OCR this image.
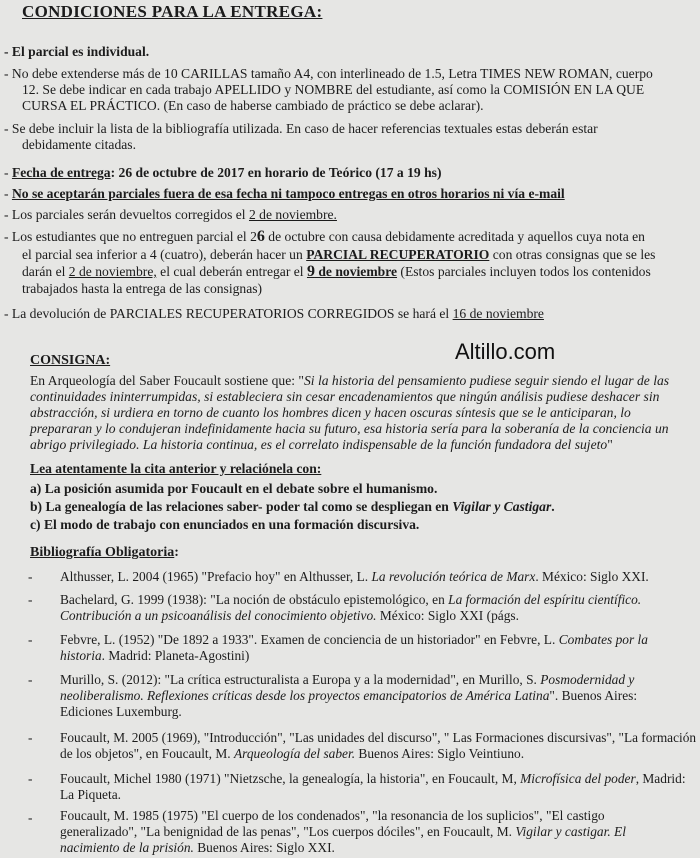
CONDICIONES PARA LA ENTREGA:
- El parcial es individual.
- No debe extenderse más de 10 CARILLAS tamaño A4, con interlineado de 1.5, Letra TIMES NEW ROMAN, cuerpo
12. Se debe indicar en cada trabajo APELLIDO y NOMBRE del estudiante, así como la COMISIÓN EN LA QUE
CURSA EL PRÁCTICO. (En caso de haberse cambiado de práctico se debe aclarar).
- Se debe incluir la lista de la bibliografía utilizada. En caso de hacer referencias textuales estas deberán estar
debidamente citadas.
- Fecha de entrega: 26 de octubre de 2017 en horario de Teórico (17 a 19 hs)
- No se aceptarán parciales fuera de esa fecha ni tampoco entregas en otros horarios ni vía e-mail
- Los parciales serán devueltos corregidos el 2 de noviembre.
- Los estudiantes que no entreguen parcial el 26 de octubre con causa debidamente acreditada y aquellos cuya nota en
el parcial sea inferior a 4 (cuatro), deberán hacer un PARCIAL RECUPERATORIO con otras consignas que se les
darán el 2 de noviembre, el cual deberán entregar el 9 de noviembre (Estos parciales incluyen todos los contenidos
trabajados hasta la entrega de las consignas)
- La devolución de PARCIALES RECUPERATORIOS CORREGIDOS se hará el 16 de noviembre
Altillo.com
CONSIGNA:
En Arqueología del Saber Foucault sostiene que: "Si la historia del pensamiento pudiese seguir siendo el lugar de las
continuidades ininterrumpidas, si estableciera sin cesar encadenamientos que ningún análisis pudiese deshacer sin
abstracción, si urdiera en torno de cuanto los hombres dicen y hacen oscuras síntesis que se le anticiparan, lo
prepararan y lo condujeran indefinidamente hacia su futuro, esa historia sería para la soberanía de la conciencia un
abrigo privilegiado. La historia continua, es el correlato indispensable de la función fundadora del sujeto"
Lea atentamente la cita anterior y relaciónela con:
a) La posición asumida por Foucault en el debate sobre el humanismo.
b) La genealogía de las relaciones saber- poder tal como se despliegan en Vigilar y Castigar.
c) El modo de trabajo con enunciados en una formación discursiva.
Bibliografía Obligatoria:
- Althusser, L. 2004 (1965) "Prefacio hoy" en Althusser, L. La revolución teórica de Marx. México: Siglo XXI.
- Bachelard, G. 1999 (1938): "La noción de obstáculo epistemológico, en La formación del espíritu científico.
Contribución a un psicoanálisis del conocimiento objetivo. México: Siglo XXI (págs.
- Febvre, L. (1952) "De 1892 a 1933". Examen de conciencia de un historiador" en Febvre, L. Combates por la
historia. Madrid: Planeta-Agostini)
- Murillo, S. (2012): "La crítica estructuralista a Europa y a la modernidad", en Murillo, S. Posmodernidad y
neoliberalismo. Reflexiones críticas desde los proyectos emancipatorios de América Latina". Buenos Aires:
Ediciones Luxemburg.
- Foucault, M. 2005 (1969), "Introducción", "Las unidades del discurso", " Las Formaciones discursivas", "La formación
de los objetos", en Foucault, M. Arqueología del saber. Buenos Aires: Siglo Veintiuno.
- Foucault, Michel 1980 (1971) "Nietzsche, la genealogía, la historia", en Foucault, M, Microfísica del poder, Madrid:
La Piqueta.
- Foucault, M. 1985 (1975) "El cuerpo de los condenados", "la resonancia de los suplicios", "El castigo
generalizado", "La benignidad de las penas", "Los cuerpos dóciles", en Foucault, M. Vigilar y castigar. El
nacimiento de la prisión. Buenos Aires: Siglo XXI.
